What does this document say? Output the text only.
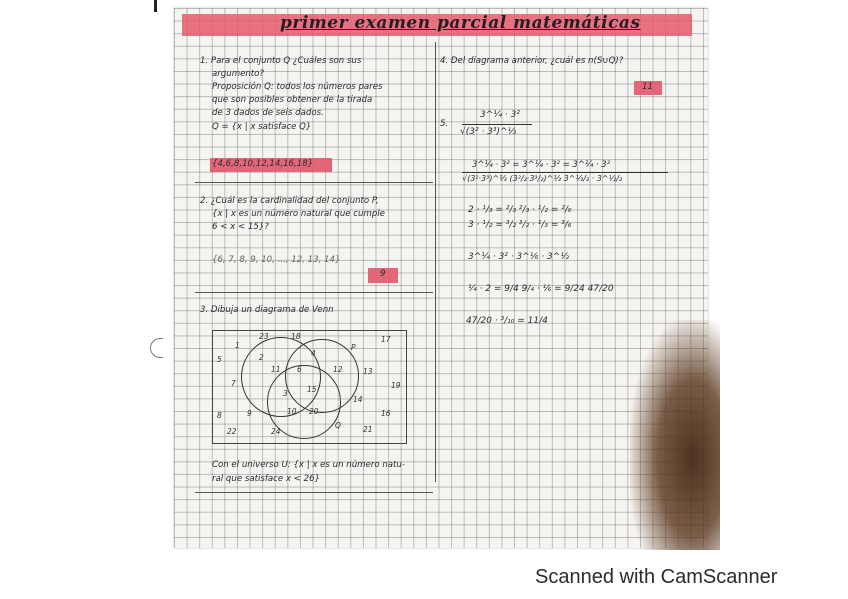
primer examen parcial matemáticas
1. Para el conjunto Q ¿Cuáles son sus
argumento?
Proposición Q: todos los números pares
que son posibles obtener de la tirada
de 3 dados de seis dados.
Q = {x | x satisface Q}
{4,6,8,10,12,14,16,18}
2. ¿Cuál es la cardinalidad del conjunto P,
{x | x es un número natural que cumple
6 < x < 15}?
{6, 7, 8, 9, 10, ..., 12, 13, 14}
9
3. Dibuja un diagrama de Venn
23	17
1
18
5
P
2	4
11 6	12	13
7
3	15	19
14
8	9	10 20	16
22	24	21
Q
Con el universo U: {x | x es un número natu-
ral que satisface x < 26}
4. Del diagrama anterior, ¿cuál es n(S∪Q)?
11
5.
3^¼ · 3²
√(3² · 3³)^⅓
3^¼ · 3² = 3^¼ · 3² = 3^¼ · 3²
√(3²·3³)^⅓ (3²/₂·3³/₂)^⅓ 3^⅓/₃ · 3^½/₂
2 · ¹/₃ = ²/₃ ²/₃ · ¹/₂ = ²/₆
3 · ¹/₂ = ³/₂ ³/₂ · ¹/₃ = ³/₆
3^¼ · 3² · 3^⅙ · 3^½
¼ · 2 = 9/4 9/₄ · ⅙ = 9/24 47/20
47/20 · ³/₁₀ = 11/4
Scanned with CamScanner
